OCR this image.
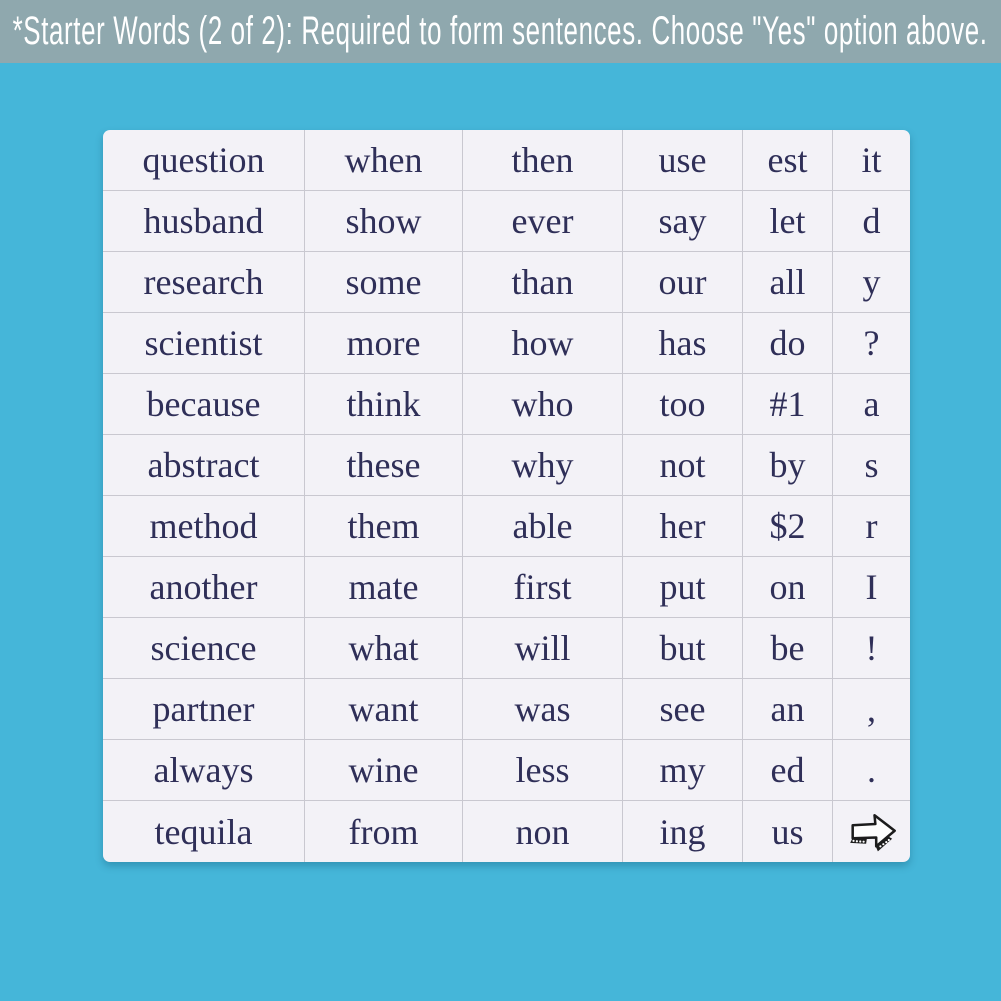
*Starter Words (2 of 2): Required to form sentences. Choose "Yes" option above.
question	when	then	use	est	it
husband	show	ever	say	let	d
research	some	than	our	all	y
scientist	more	how	has	do	?
because	think	who	too	#1	a
abstract	these	why	not	by	s
method	them	able	her	$2	r
another	mate	first	put	on	I
science	what	will	but	be	!
partner	want	was	see	an	,
always	wine	less	my	ed	.
tequila	from	non	ing	us
